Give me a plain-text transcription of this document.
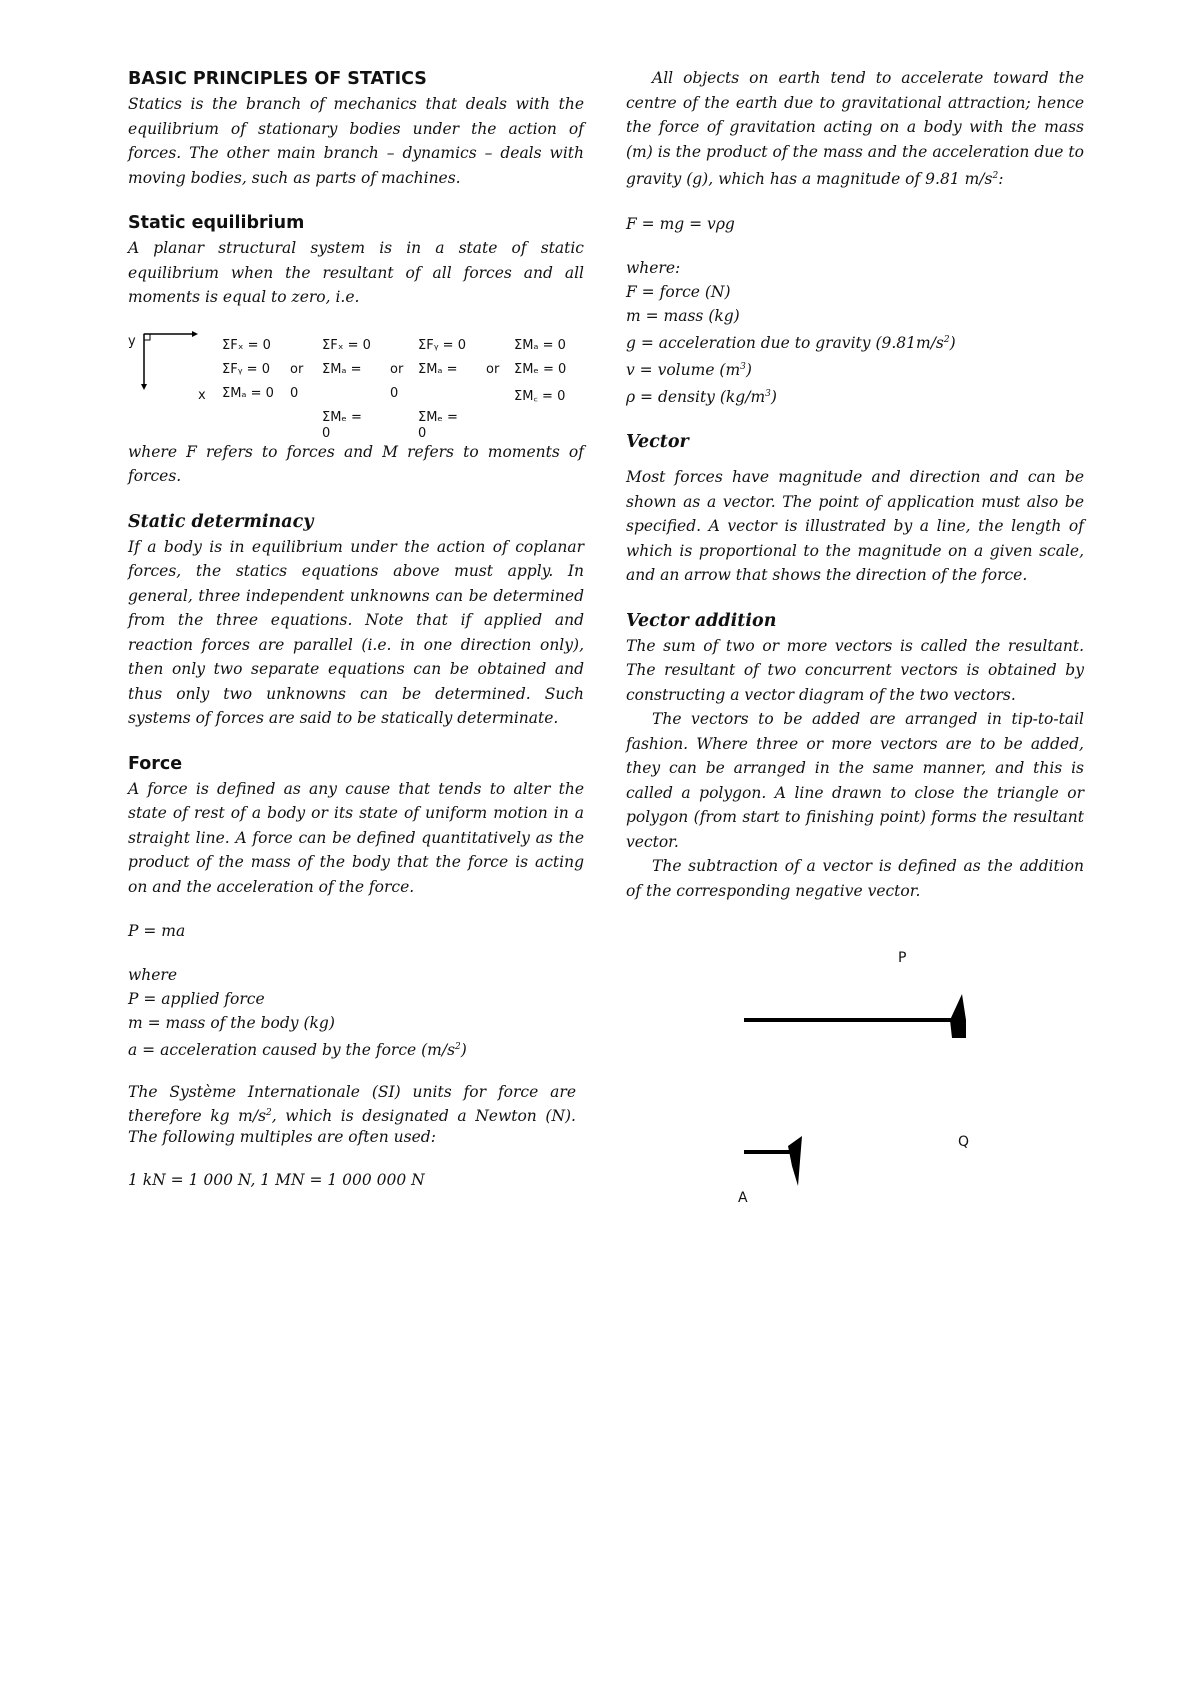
BASIC PRINCIPLES OF STATICS

Statics is the branch of mechanics that deals with the equilibrium of stationary bodies under the action of forces. The other main branch – dynamics – deals with moving bodies, such as parts of machines.

Static equilibrium

A planar structural system is in a state of static equilibrium when the resultant of all forces and all moments is equal to zero, i.e.

y
x
ΣFₓ = 0
ΣFᵧ = 0
ΣMₐ = 0
or
ΣFₓ = 0
ΣMₐ =
0
ΣMₑ =
0
or
ΣFᵧ = 0
ΣMₐ =
0
ΣMₑ =
0
or
ΣMₐ = 0
ΣMₑ = 0
ΣM꜀ = 0

where F refers to forces and M refers to moments of forces.

Static determinacy

If a body is in equilibrium under the action of coplanar forces, the statics equations above must apply. In general, three independent unknowns can be determined from the three equations. Note that if applied and reaction forces are parallel (i.e. in one direction only), then only two separate equations can be obtained and thus only two unknowns can be determined. Such systems of forces are said to be statically determinate.

Force

A force is defined as any cause that tends to alter the state of rest of a body or its state of uniform motion in a straight line. A force can be defined quantitatively as the product of the mass of the body that the force is acting on and the acceleration of the force.

P = ma

where

P = applied force

m = mass of the body (kg)

a = acceleration caused by the force $(m/s^2)$

The Système Internationale (SI) units for force are therefore kg $m/s^2$, which is designated a Newton (N). The following multiples are often used:

1 kN = 1 000 N, 1 MN = 1 000 000 N

All objects on earth tend to accelerate toward the centre of the earth due to gravitational attraction; hence the force of gravitation acting on a body with the mass (m) is the product of the mass and the acceleration due to gravity (g), which has a magnitude of 9.81 $m/s^2$:

F = mg = vρg

where:

F = force (N)

m = mass (kg)

g = acceleration due to gravity $(9.81m/s^2)$

v = volume $(m^3)$

ρ = density $(kg/m^3)$

Vector

Most forces have magnitude and direction and can be shown as a vector. The point of application must also be specified. A vector is illustrated by a line, the length of which is proportional to the magnitude on a given scale, and an arrow that shows the direction of the force.

Vector addition

The sum of two or more vectors is called the resultant. The resultant of two concurrent vectors is obtained by constructing a vector diagram of the two vectors.

The vectors to be added are arranged in tip-to-tail fashion. Where three or more vectors are to be added, they can be arranged in the same manner, and this is called a polygon. A line drawn to close the triangle or polygon (from start to finishing point) forms the resultant vector.

The subtraction of a vector is defined as the addition of the corresponding negative vector.

P
Q
A
